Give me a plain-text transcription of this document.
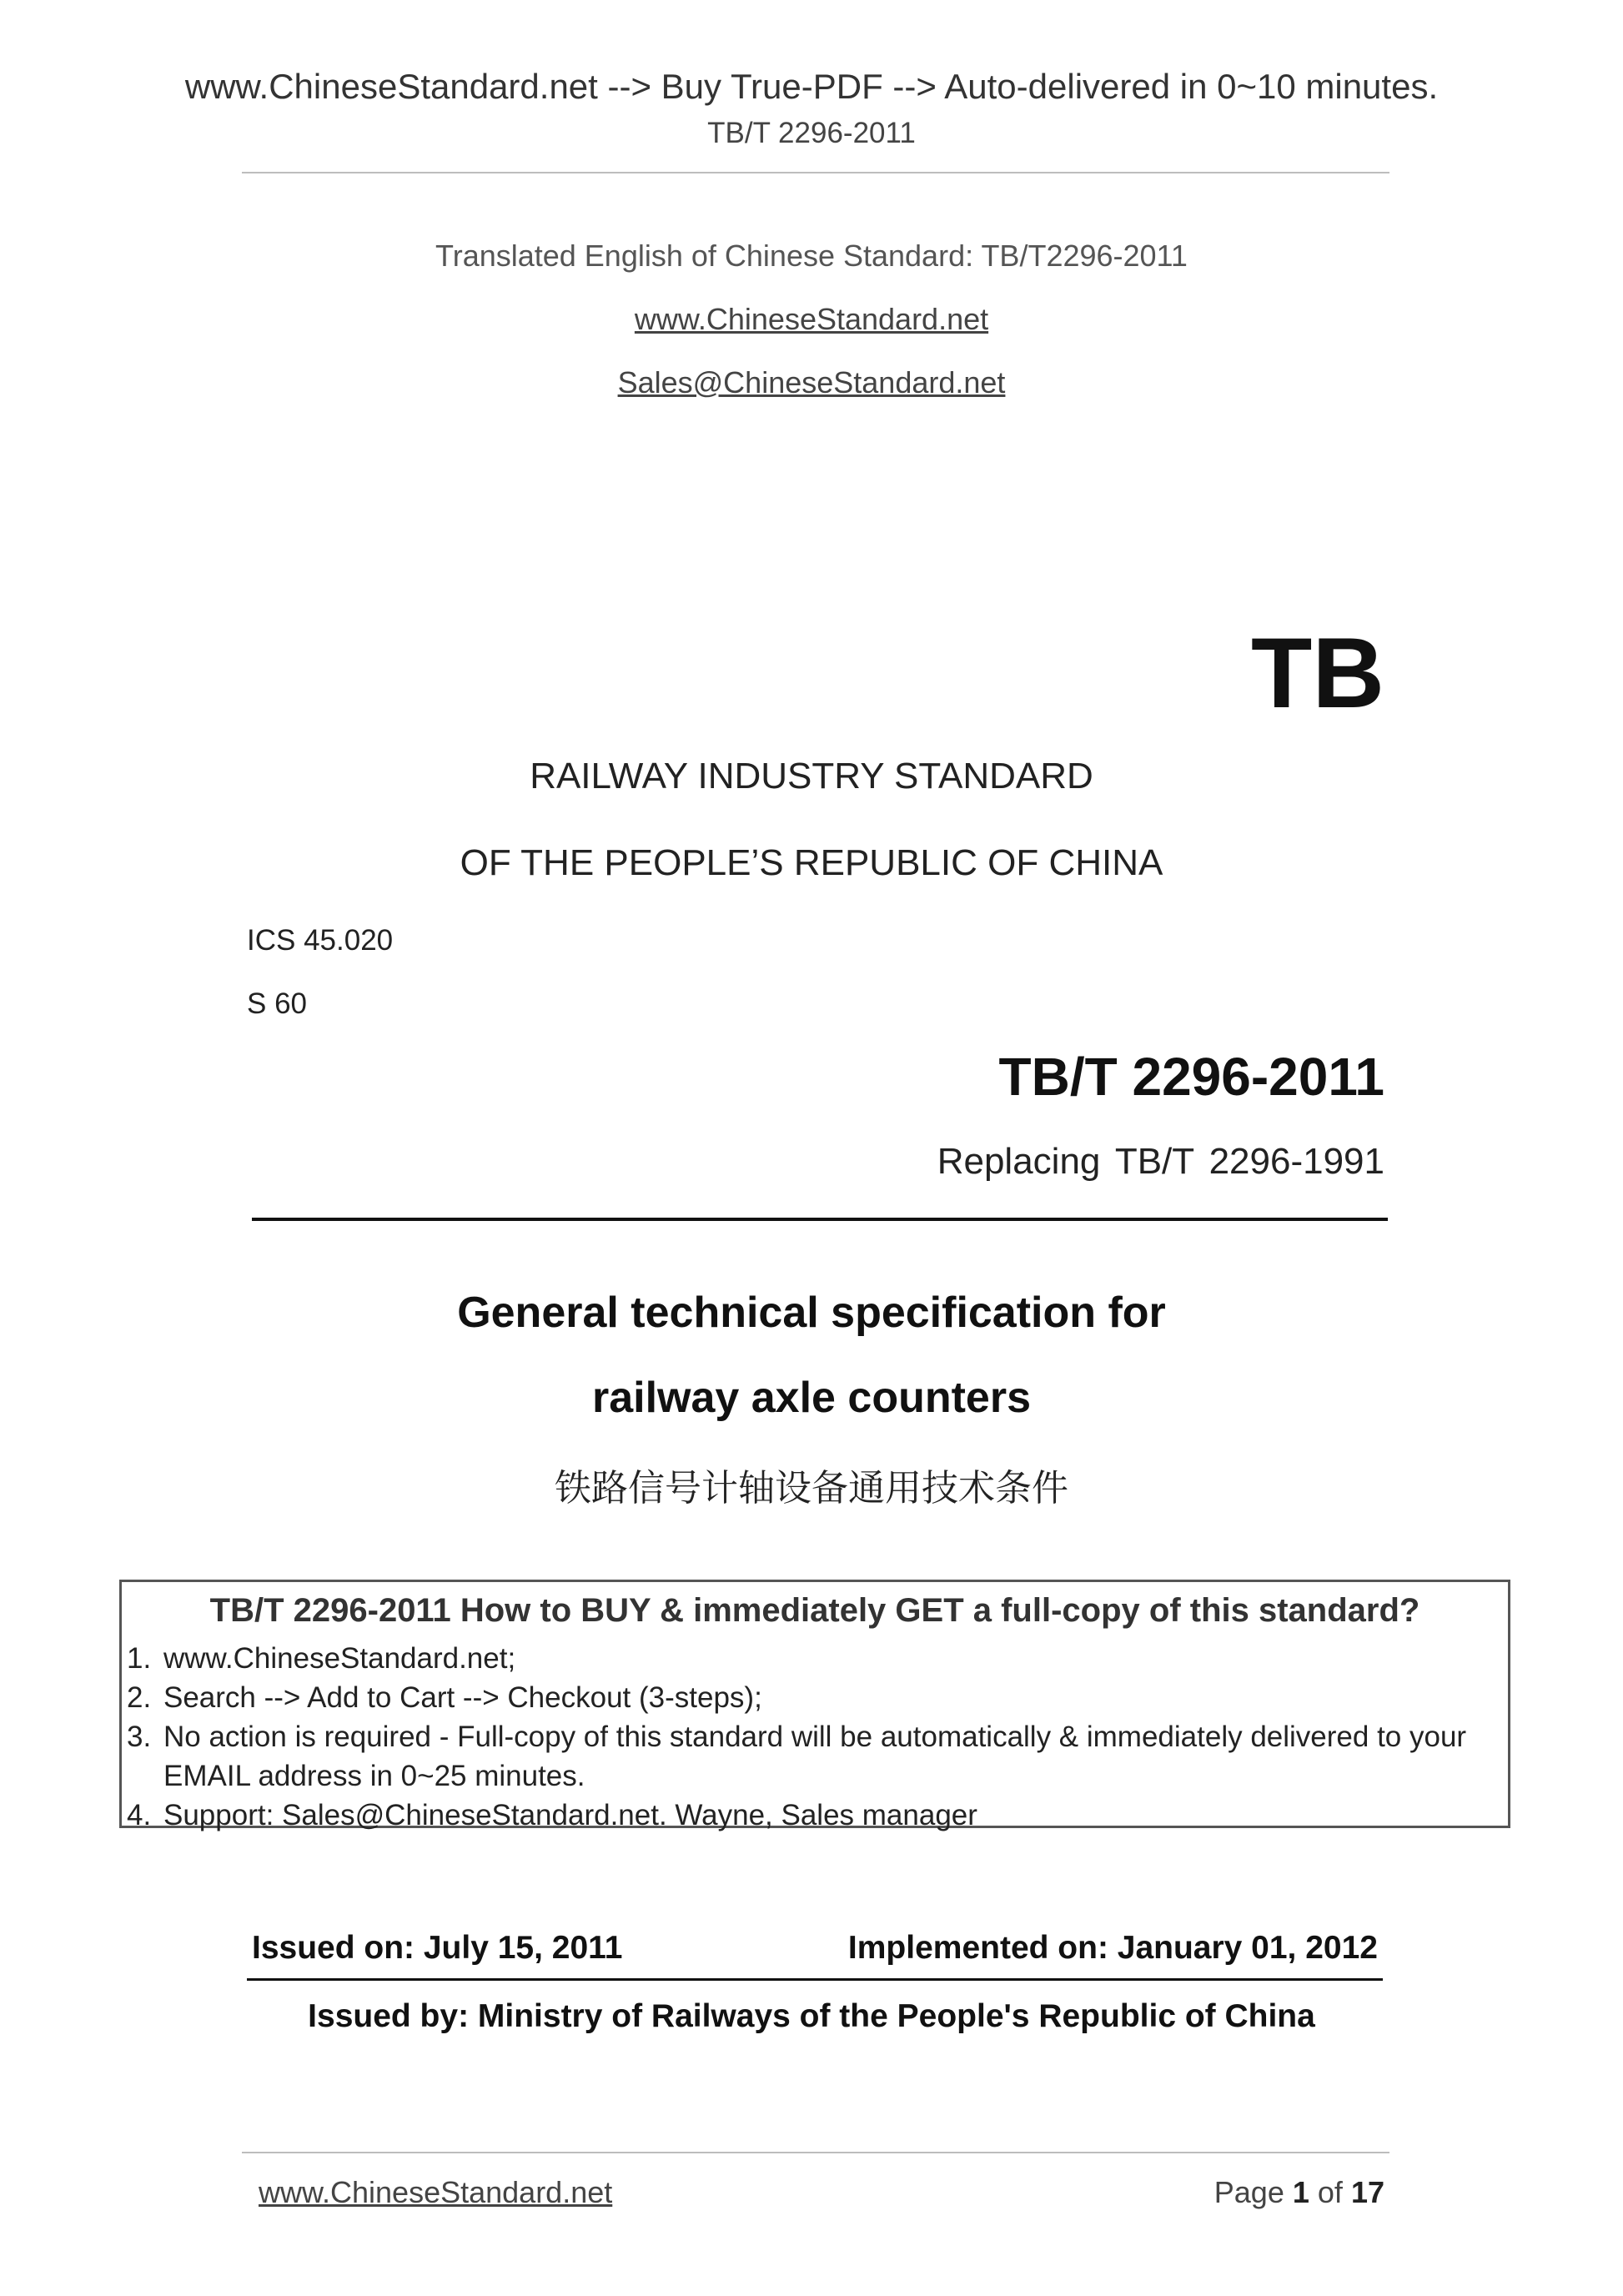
www.ChineseStandard.net --> Buy True-PDF --> Auto-delivered in 0~10 minutes.
TB/T 2296-2011
Translated English of Chinese Standard: TB/T2296-2011
www.ChineseStandard.net
Sales@ChineseStandard.net
TB
RAILWAY INDUSTRY STANDARD
OF THE PEOPLE’S REPUBLIC OF CHINA
ICS 45.020
S 60
TB/T 2296-2011
Replacing TB/T 2296-1991
General technical specification for
railway axle counters
铁路信号计轴设备通用技术条件
TB/T 2296-2011 How to BUY & immediately GET a full-copy of this standard?
1. www.ChineseStandard.net;
2. Search --> Add to Cart --> Checkout (3-steps);
3. No action is required - Full-copy of this standard will be automatically & immediately delivered to your EMAIL address in 0~25 minutes.
4. Support: Sales@ChineseStandard.net. Wayne, Sales manager
Issued on: July 15, 2011	Implemented on: January 01, 2012
Issued by: Ministry of Railways of the People's Republic of China
www.ChineseStandard.net	Page 1 of 17
